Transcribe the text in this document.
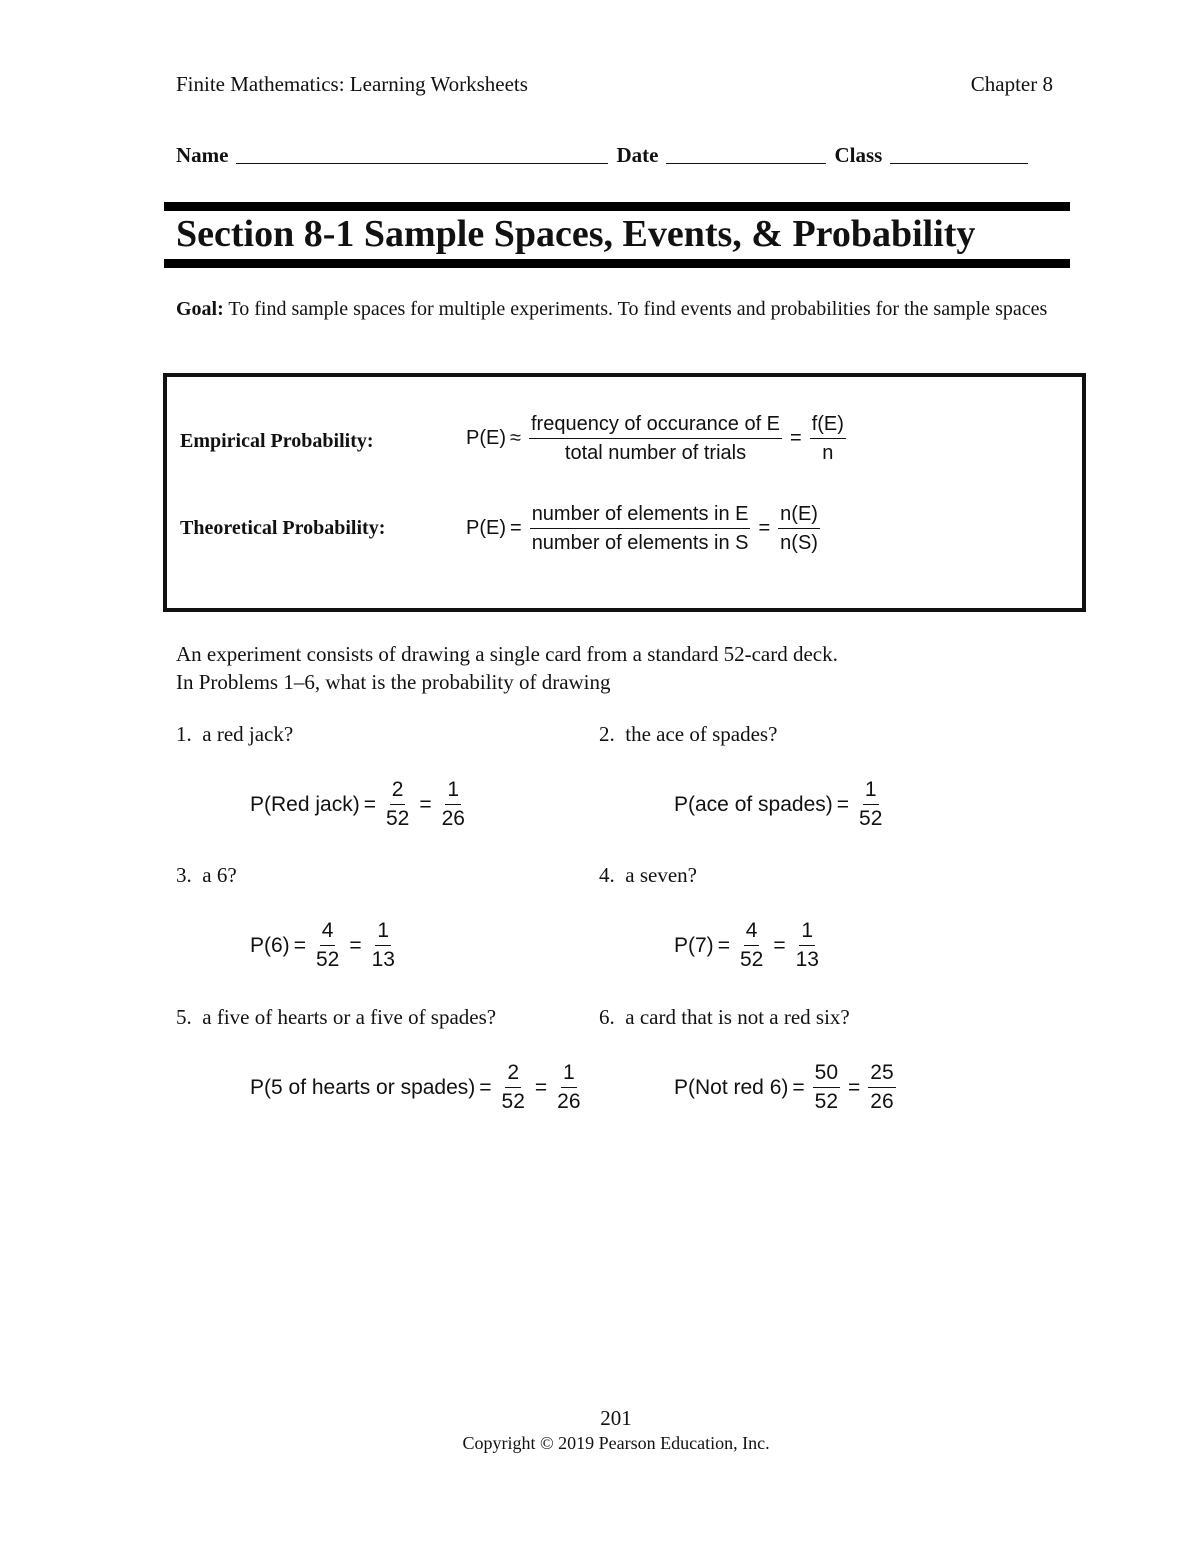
Finite Mathematics: Learning Worksheets	Chapter 8
Name	Date	Class
Section 8-1 Sample Spaces, Events, & Probability
Goal: To find sample spaces for multiple experiments. To find events and probabilities for the sample spaces
Empirical Probability:	$P(E) \approx \frac{\text{frequency of occurance of E}}{\text{total number of trials}} = \frac{f(E)}{n}$
Theoretical Probability:	$P(E) = \frac{\text{number of elements in E}}{\text{number of elements in S}} = \frac{n(E)}{n(S)}$
An experiment consists of drawing a single card from a standard 52-card deck.
In Problems 1–6, what is the probability of drawing
1. a red jack?
P(Red jack) = $\frac{2}{52} = \frac{1}{26}$
2. the ace of spades?
P(ace of spades) = $\frac{1}{52}$
3. a 6?
$P(6) = \frac{4}{52} = \frac{1}{13}$
4. a seven?
$P(7) = \frac{4}{52} = \frac{1}{13}$
5. a five of hearts or a five of spades?
P(5 of hearts or spades) = $\frac{2}{52} = \frac{1}{26}$
6. a card that is not a red six?
P(Not red $6) = \frac{50}{52} = \frac{25}{26}$
201
Copyright © 2019 Pearson Education, Inc.
